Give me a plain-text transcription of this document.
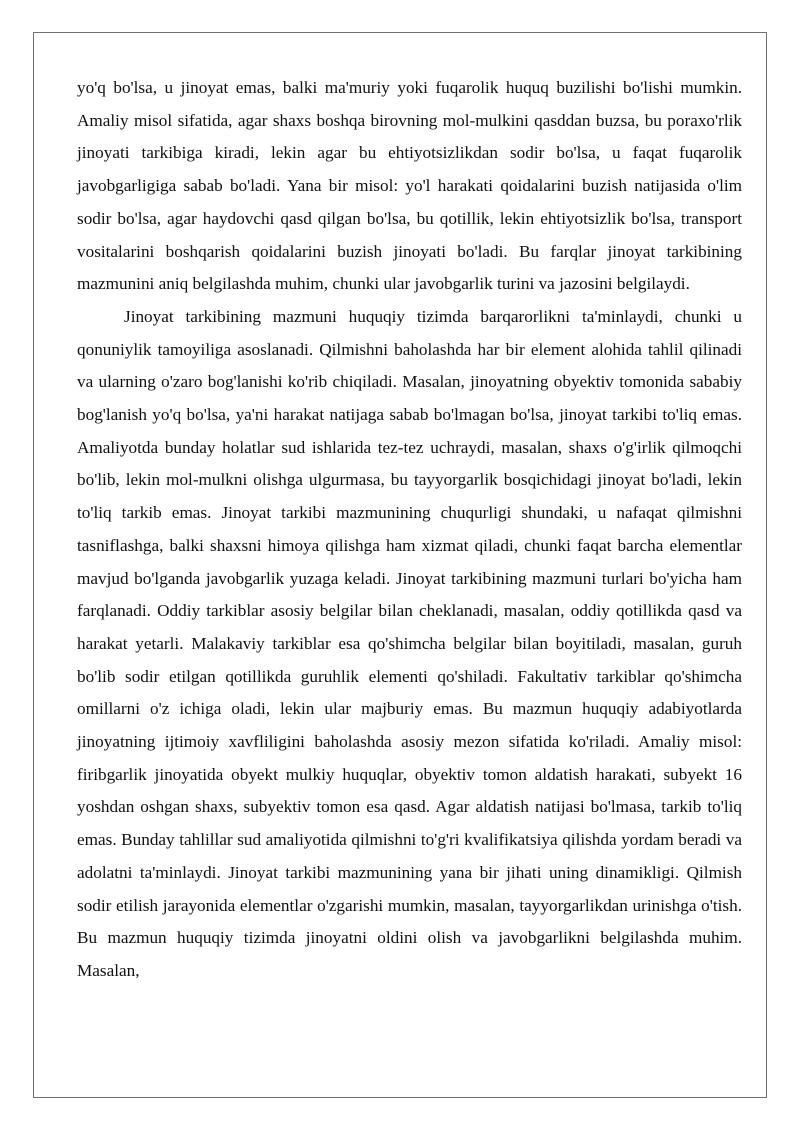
yo'q bo'lsa, u jinoyat emas, balki ma'muriy yoki fuqarolik huquq buzilishi bo'lishi mumkin. Amaliy misol sifatida, agar shaxs boshqa birovning mol-mulkini qasddan buzsa, bu poraxo'rlik jinoyati tarkibiga kiradi, lekin agar bu ehtiyotsizlikdan sodir bo'lsa, u faqat fuqarolik javobgarligiga sabab bo'ladi. Yana bir misol: yo'l harakati qoidalarini buzish natijasida o'lim sodir bo'lsa, agar haydovchi qasd qilgan bo'lsa, bu qotillik, lekin ehtiyotsizlik bo'lsa, transport vositalarini boshqarish qoidalarini buzish jinoyati bo'ladi. Bu farqlar jinoyat tarkibining mazmunini aniq belgilashda muhim, chunki ular javobgarlik turini va jazosini belgilaydi.

Jinoyat tarkibining mazmuni huquqiy tizimda barqarorlikni ta'minlaydi, chunki u qonuniylik tamoyiliga asoslanadi. Qilmishni baholashda har bir element alohida tahlil qilinadi va ularning o'zaro bog'lanishi ko'rib chiqiladi. Masalan, jinoyatning obyektiv tomonida sababiy bog'lanish yo'q bo'lsa, ya'ni harakat natijaga sabab bo'lmagan bo'lsa, jinoyat tarkibi to'liq emas. Amaliyotda bunday holatlar sud ishlarida tez-tez uchraydi, masalan, shaxs o'g'irlik qilmoqchi bo'lib, lekin mol-mulkni olishga ulgurmasa, bu tayyorgarlik bosqichidagi jinoyat bo'ladi, lekin to'liq tarkib emas. Jinoyat tarkibi mazmunining chuqurligi shundaki, u nafaqat qilmishni tasniflashga, balki shaxsni himoya qilishga ham xizmat qiladi, chunki faqat barcha elementlar mavjud bo'lganda javobgarlik yuzaga keladi. Jinoyat tarkibining mazmuni turlari bo'yicha ham farqlanadi. Oddiy tarkiblar asosiy belgilar bilan cheklanadi, masalan, oddiy qotillikda qasd va harakat yetarli. Malakaviy tarkiblar esa qo'shimcha belgilar bilan boyitiladi, masalan, guruh bo'lib sodir etilgan qotillikda guruhlik elementi qo'shiladi. Fakultativ tarkiblar qo'shimcha omillarni o'z ichiga oladi, lekin ular majburiy emas. Bu mazmun huquqiy adabiyotlarda jinoyatning ijtimoiy xavfliligini baholashda asosiy mezon sifatida ko'riladi. Amaliy misol: firibgarlik jinoyatida obyekt mulkiy huquqlar, obyektiv tomon aldatish harakati, subyekt 16 yoshdan oshgan shaxs, subyektiv tomon esa qasd. Agar aldatish natijasi bo'lmasa, tarkib to'liq emas. Bunday tahlillar sud amaliyotida qilmishni to'g'ri kvalifikatsiya qilishda yordam beradi va adolatni ta'minlaydi. Jinoyat tarkibi mazmunining yana bir jihati uning dinamikligi. Qilmish sodir etilish jarayonida elementlar o'zgarishi mumkin, masalan, tayyorgarlikdan urinishga o'tish. Bu mazmun huquqiy tizimda jinoyatni oldini olish va javobgarlikni belgilashda muhim. Masalan,
